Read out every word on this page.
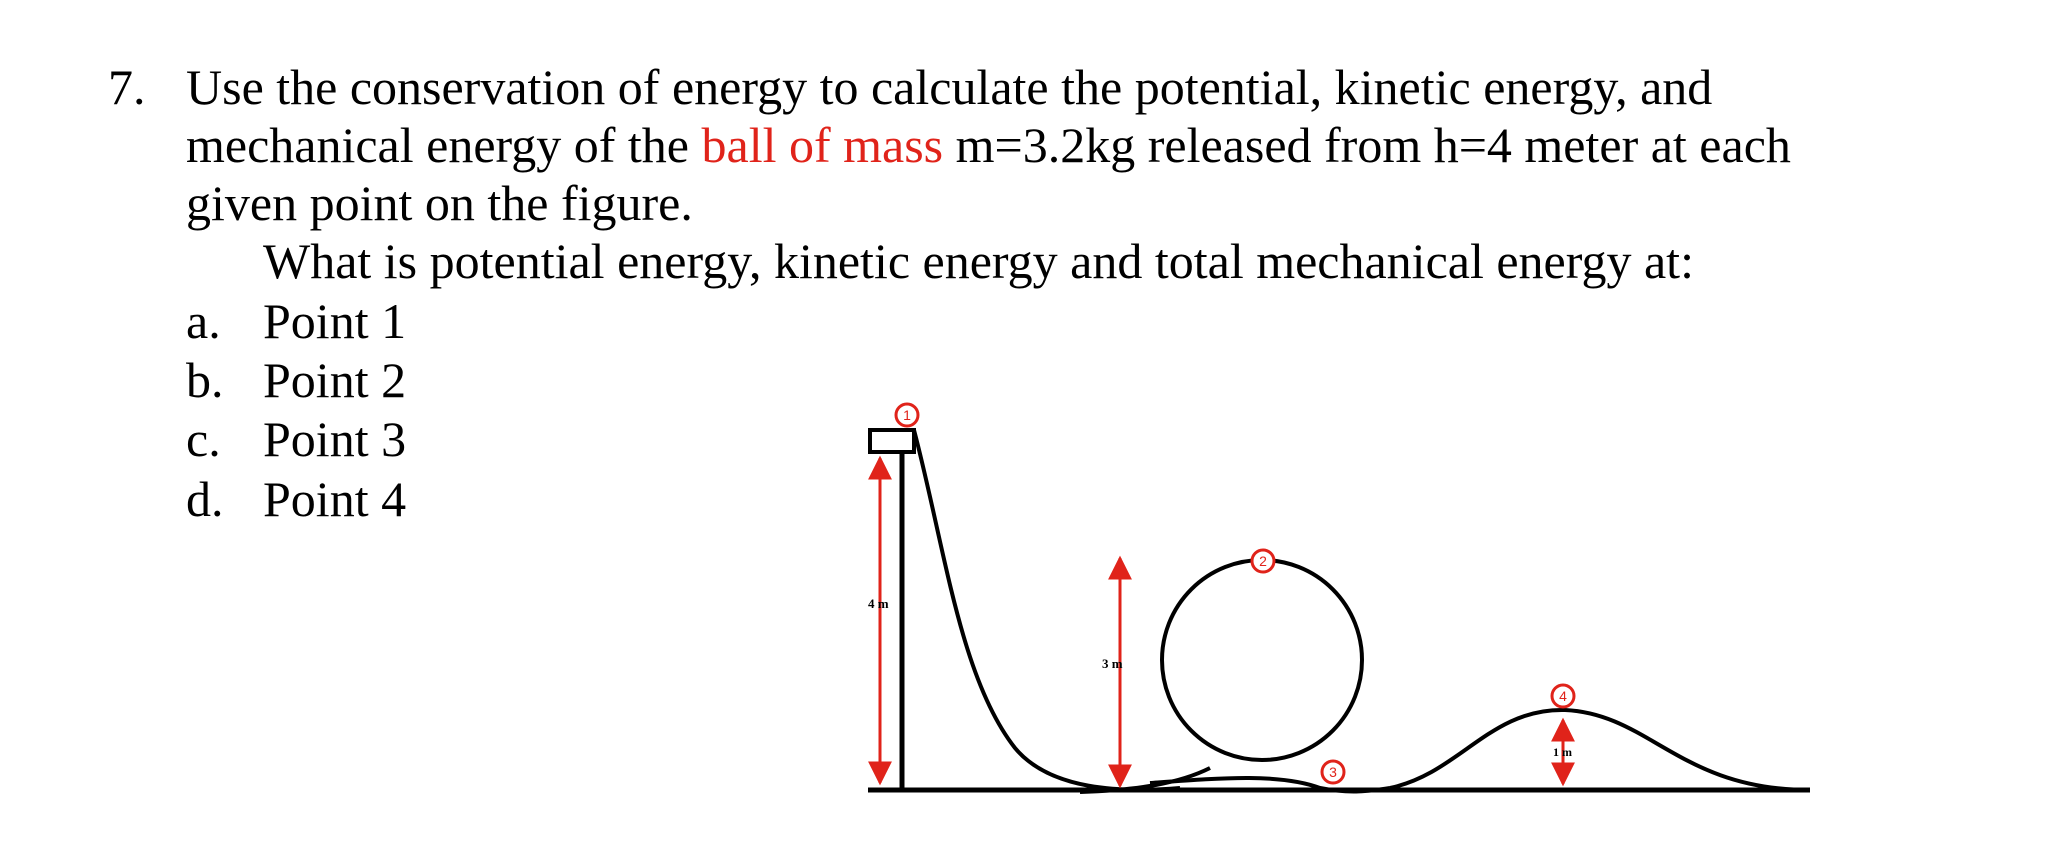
7. Use the conservation of energy to calculate the potential, kinetic energy, and
mechanical energy of the ball of mass m=3.2kg released from h=4 meter at each
given point on the figure.
What is potential energy, kinetic energy and total mechanical energy at:
a. Point 1
b. Point 2
c. Point 3
d. Point 4
4 m
3 m
1 m
1
2
3
4
